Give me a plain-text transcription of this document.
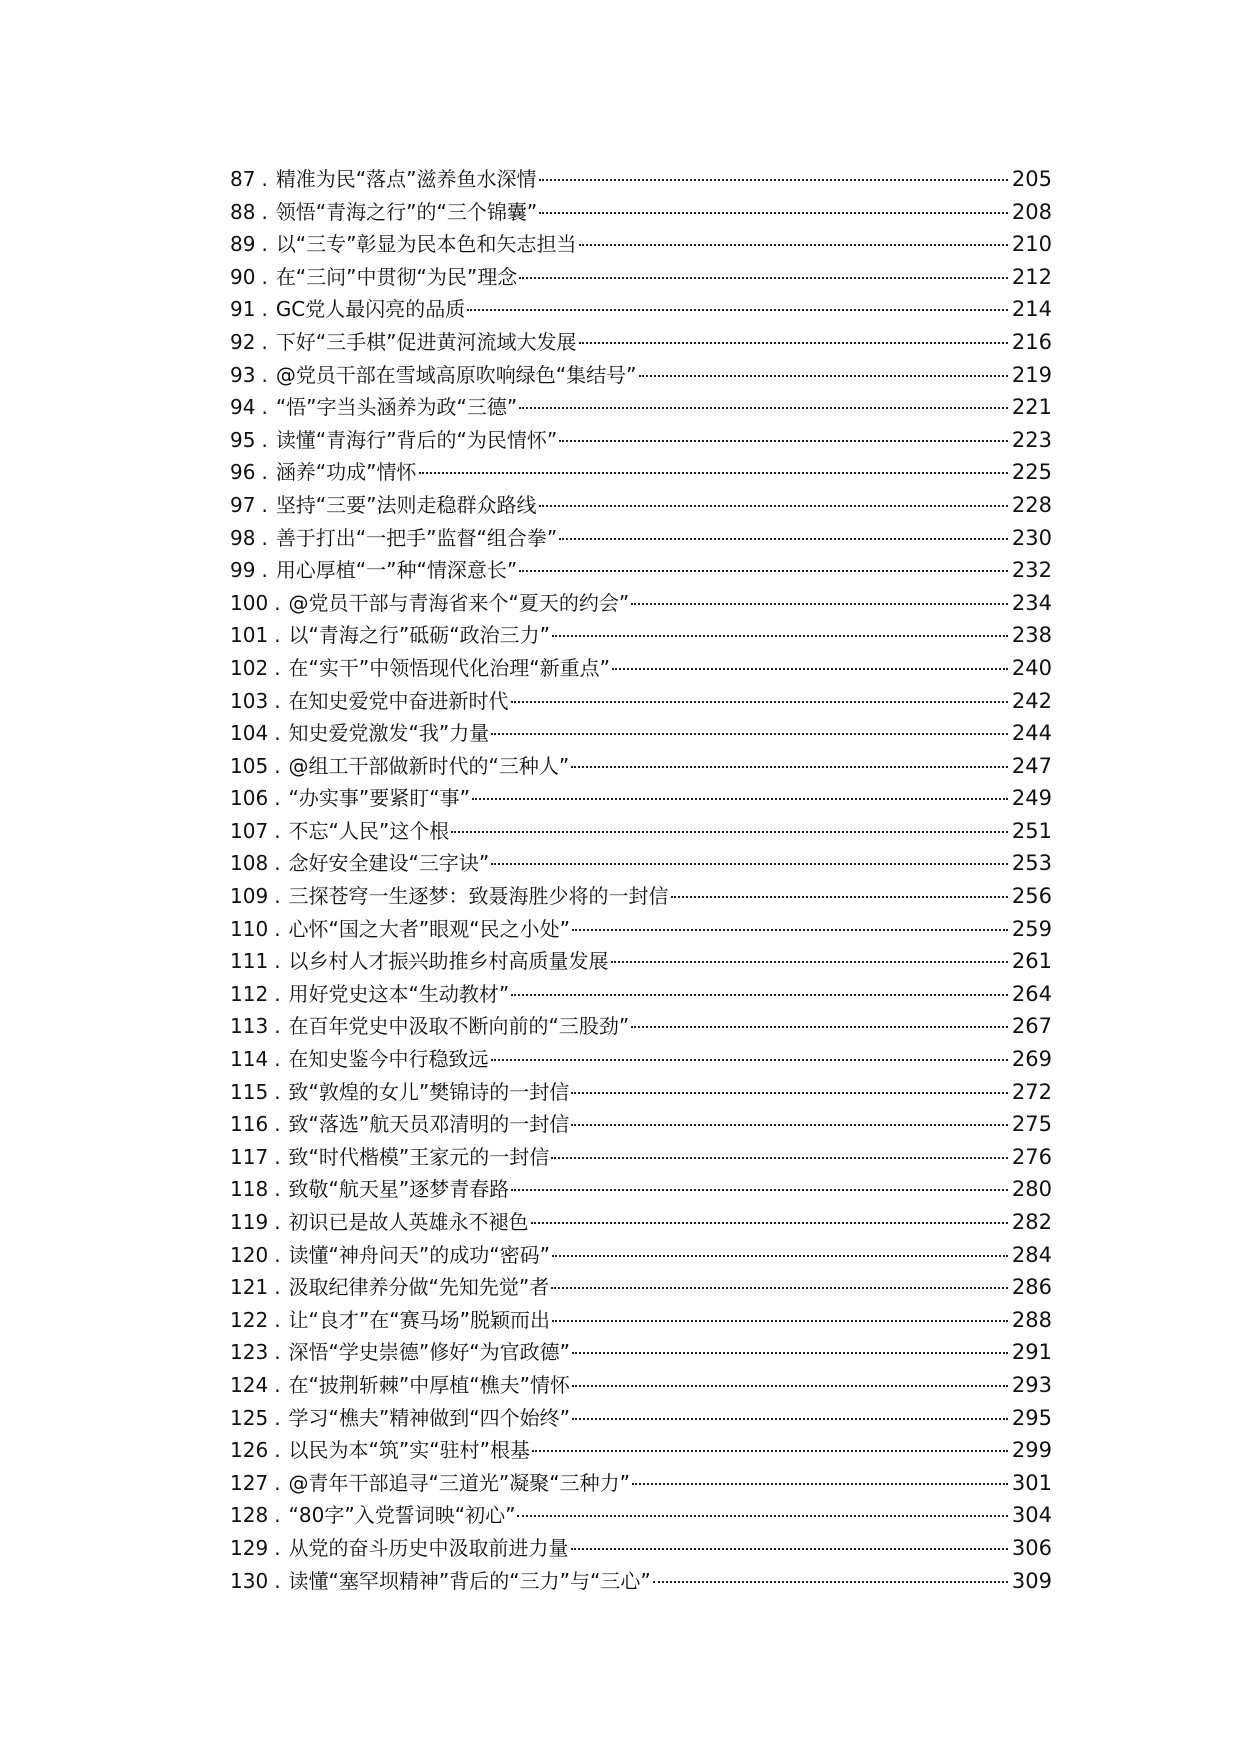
87 . 精准为民“落点”滋养鱼水深情	205
88 . 领悟“青海之行”的“三个锦囊”	208
89 . 以“三专”彰显为民本色和矢志担当	210
90 . 在“三问”中贯彻“为民”理念	212
91 . GC党人最闪亮的品质	214
92 . 下好“三手棋”促进黄河流域大发展	216
93 . @党员干部在雪域高原吹响绿色“集结号”	219
94 . “悟”字当头涵养为政“三德”	221
95 . 读懂“青海行”背后的“为民情怀”	223
96 . 涵养“功成”情怀	225
97 . 坚持“三要”法则走稳群众路线	228
98 . 善于打出“一把手”监督“组合拳”	230
99 . 用心厚植“一”种“情深意长”	232
100 . @党员干部与青海省来个“夏天的约会”	234
101 . 以“青海之行”砥砺“政治三力”	238
102 . 在“实干”中领悟现代化治理“新重点”	240
103 . 在知史爱党中奋进新时代	242
104 . 知史爱党激发“我”力量	244
105 . @组工干部做新时代的“三种人”	247
106 . “办实事”要紧盯“事”	249
107 . 不忘“人民”这个根	251
108 . 念好安全建设“三字诀”	253
109 . 三探苍穹一生逐梦：致聂海胜少将的一封信	256
110 . 心怀“国之大者”眼观“民之小处”	259
111 . 以乡村人才振兴助推乡村高质量发展	261
112 . 用好党史这本“生动教材”	264
113 . 在百年党史中汲取不断向前的“三股劲”	267
114 . 在知史鉴今中行稳致远	269
115 . 致“敦煌的女儿”樊锦诗的一封信	272
116 . 致“落选”航天员邓清明的一封信	275
117 . 致“时代楷模”王家元的一封信	276
118 . 致敬“航天星”逐梦青春路	280
119 . 初识已是故人英雄永不褪色	282
120 . 读懂“神舟问天”的成功“密码”	284
121 . 汲取纪律养分做“先知先觉”者	286
122 . 让“良才”在“赛马场”脱颖而出	288
123 . 深悟“学史崇德”修好“为官政德”	291
124 . 在“披荆斩棘”中厚植“樵夫”情怀	293
125 . 学习“樵夫”精神做到“四个始终”	295
126 . 以民为本“筑”实“驻村”根基	299
127 . @青年干部追寻“三道光”凝聚“三种力”	301
128 . “80字”入党誓词映“初心”	304
129 . 从党的奋斗历史中汲取前进力量	306
130 . 读懂“塞罕坝精神”背后的“三力”与“三心”	309
